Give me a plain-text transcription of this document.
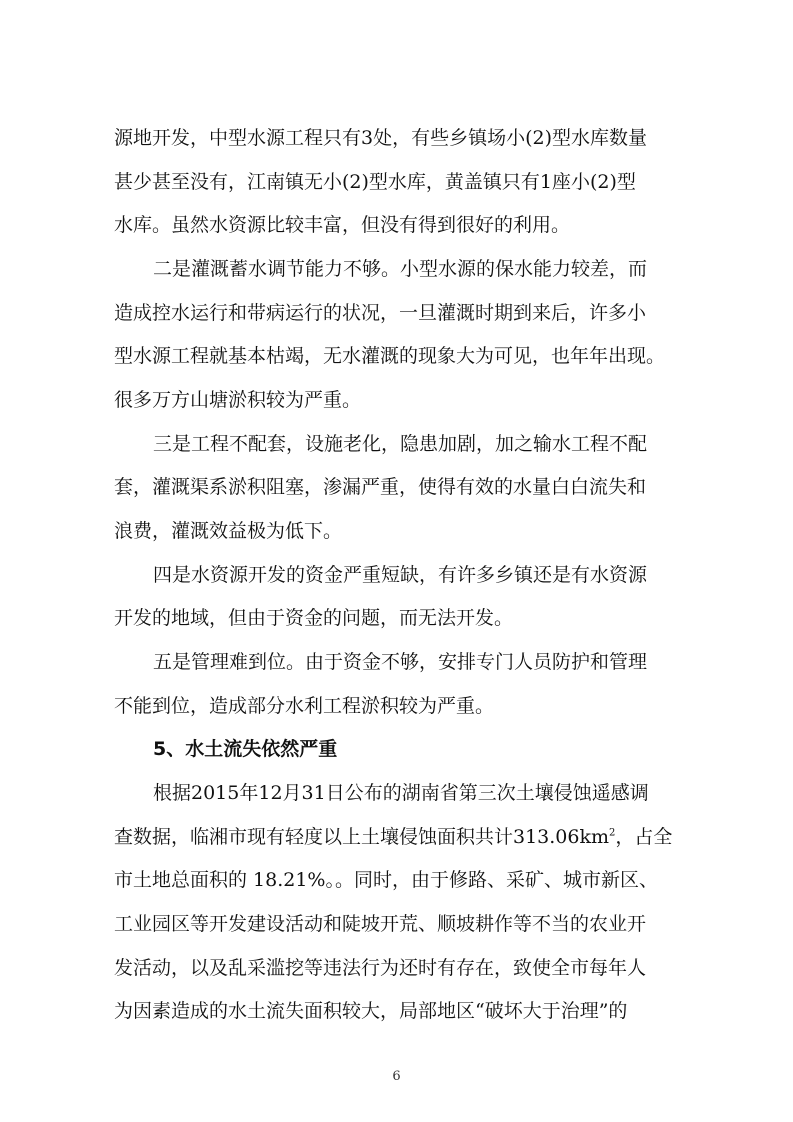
源地开发，中型水源工程只有3处，有些乡镇场小(2)型水库数量
甚少甚至没有，江南镇无小(2)型水库，黄盖镇只有1座小(2)型
水库。虽然水资源比较丰富，但没有得到很好的利用。
二是灌溉蓄水调节能力不够。小型水源的保水能力较差，而
造成控水运行和带病运行的状况，一旦灌溉时期到来后，许多小
型水源工程就基本枯竭，无水灌溉的现象大为可见，也年年出现。
很多万方山塘淤积较为严重。
三是工程不配套，设施老化，隐患加剧，加之输水工程不配
套，灌溉渠系淤积阻塞，渗漏严重，使得有效的水量白白流失和
浪费，灌溉效益极为低下。
四是水资源开发的资金严重短缺，有许多乡镇还是有水资源
开发的地域，但由于资金的问题，而无法开发。
五是管理难到位。由于资金不够，安排专门人员防护和管理
不能到位，造成部分水利工程淤积较为严重。
5、水土流失依然严重
根据2015年12月31日公布的湖南省第三次土壤侵蚀遥感调
查数据，临湘市现有轻度以上土壤侵蚀面积共计$313.06km^2$，占全
市土地总面积的 18.21%。。同时，由于修路、采矿、城市新区、
工业园区等开发建设活动和陡坡开荒、顺坡耕作等不当的农业开
发活动，以及乱采滥挖等违法行为还时有存在，致使全市每年人
为因素造成的水土流失面积较大，局部地区“破坏大于治理”的
6
